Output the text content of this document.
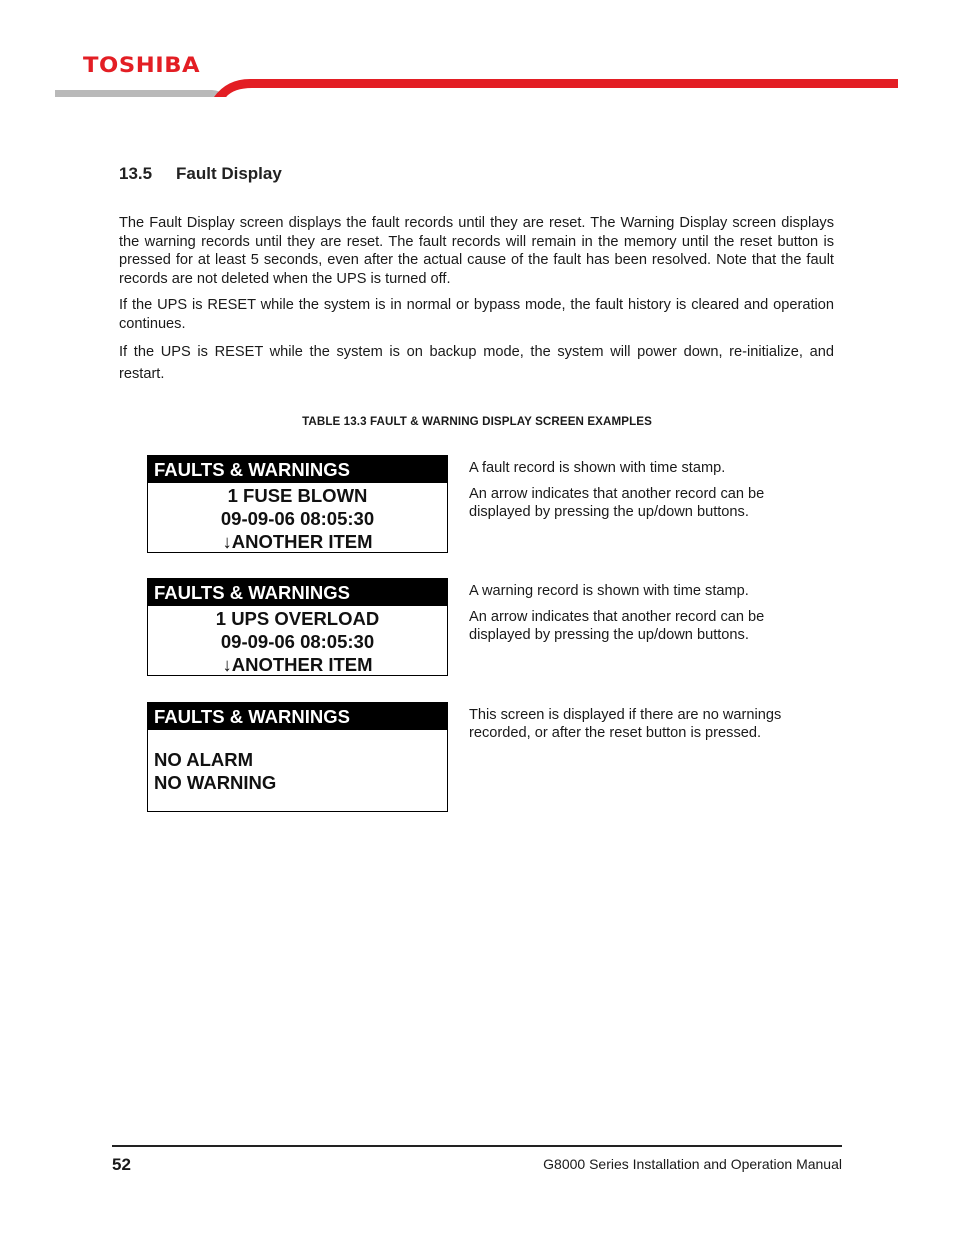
TOSHIBA
13.5 Fault Display

The Fault Display screen displays the fault records until they are reset. The Warning Display screen displays the warning records until they are reset. The fault records will remain in the memory until the reset button is pressed for at least 5 seconds, even after the actual cause of the fault has been resolved. Note that the fault records are not deleted when the UPS is turned off.

If the UPS is RESET while the system is in normal or bypass mode, the fault history is cleared and operation continues.

If the UPS is RESET while the system is on backup mode, the system will power down, re-initialize, and restart.

TABLE 13.3 FAULT & WARNING DISPLAY SCREEN EXAMPLES
FAULTS & WARNINGS
1 FUSE BLOWN
09-09-06 08:05:30
↓ANOTHER ITEM

A fault record is shown with time stamp.

An arrow indicates that another record can be displayed by pressing the up/down buttons.

FAULTS & WARNINGS
1 UPS OVERLOAD
09-09-06 08:05:30
↓ANOTHER ITEM

A warning record is shown with time stamp.

An arrow indicates that another record can be displayed by pressing the up/down buttons.

FAULTS & WARNINGS
NO ALARM
NO WARNING

This screen is displayed if there are no warnings recorded, or after the reset button is pressed.

52	G8000 Series Installation and Operation Manual
